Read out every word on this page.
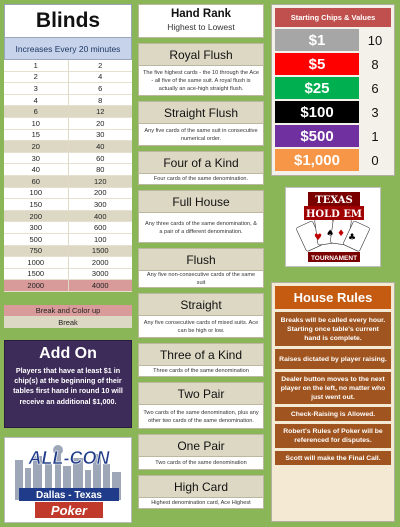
Blinds
Increases Every 20 minutes
1	2
2	4
3	6
4	8
6	12
10	20
15	30
20	40
30	60
40	80
60	120
100	200
150	300
200	400
300	600
500	100
750	1500
1000	2000
1500	3000
2000	4000
Break and Color up
Break
Add On
Players that have at least $1 in chip(s) at the beginning of their tables first hand in round 10 will receive an additional $1,000.
ALL-CON
Dallas - Texas
Poker
Hand Rank
Highest to Lowest
Royal Flush
The five highest cards - the 10 through the Ace - all five of the same suit. A royal flush is actually an ace-high straight flush.
Straight Flush
Any five cards of the same suit in consecutive numerical order.
Four of a Kind
Four cards of the same denomination.
Full House
Any three cards of the same denomination, & a pair of a different denomination.
Flush
Any five non-consecutive cards of the same suit
Straight
Any five consecutive cards of mixed suits. Ace can be high or low.
Three of a Kind
Three cards of the same denomination
Two Pair
Two cards of the same denomination, plus any other two cards of the same denomination.
One Pair
Two cards of the same denomination
High Card
Highest denomination card, Ace Highest
Starting Chips & Values
$1	10
$5	8
$25	6
$100	3
$500	1
$1,000	0
♥ ♠ ♦ ♣
TEXAS
HOLD EM
TOURNAMENT
House Rules
Breaks will be called every hour. Starting once table's current hand is complete.
Raises dictated by player raising.
Dealer button moves to the next player on the left, no matter who just went out.
Check-Raising is Allowed.
Robert's Rules of Poker will be referenced for disputes.
Scott will make the Final Call.
